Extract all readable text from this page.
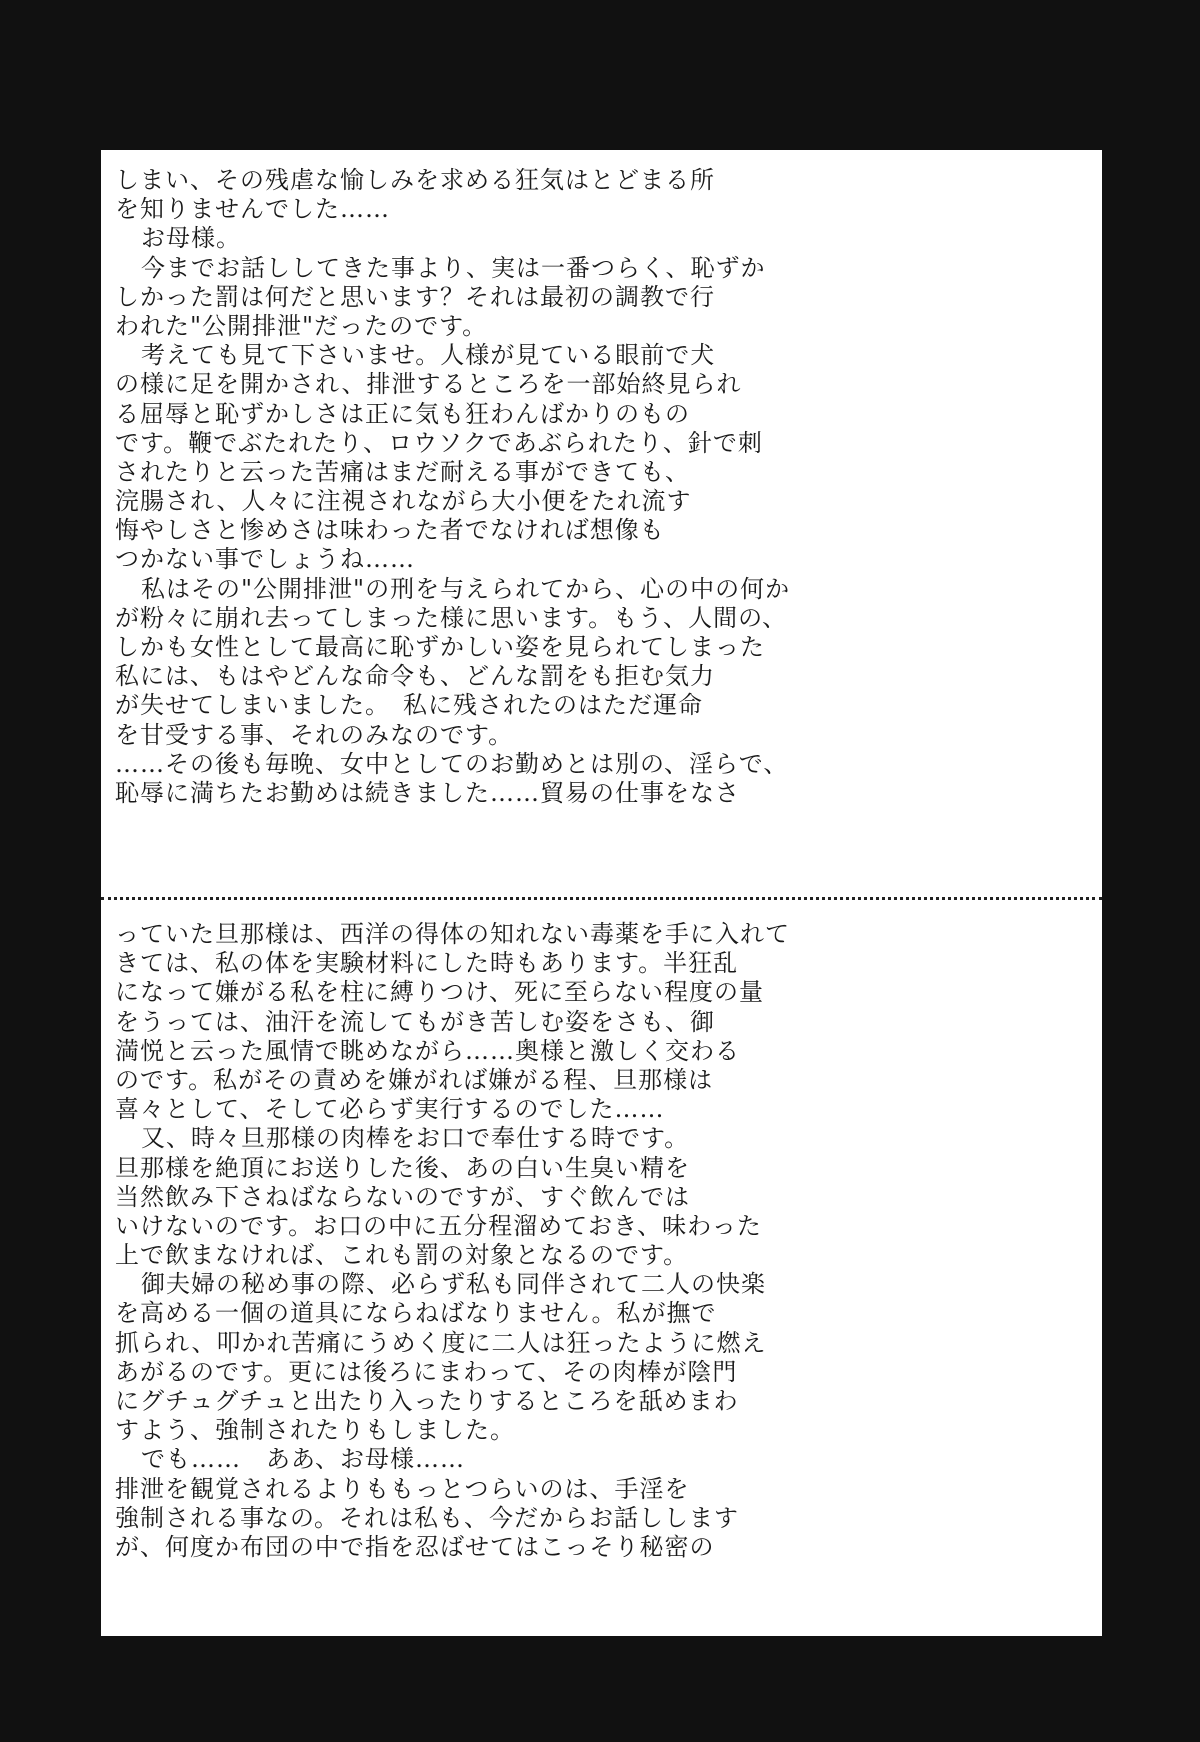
しまい、その残虐な愉しみを求める狂気はとどまる所
を知りませんでした……
お母様。
今までお話ししてきた事より、実は一番つらく、恥ずか
しかった罰は何だと思います？それは最初の調教で行
われた"公開排泄"だったのです。
考えても見て下さいませ。人様が見ている眼前で犬
の様に足を開かされ、排泄するところを一部始終見られ
る屈辱と恥ずかしさは正に気も狂わんばかりのもの
です。鞭でぶたれたり、ロウソクであぶられたり、針で刺
されたりと云った苦痛はまだ耐える事ができても、
浣腸され、人々に注視されながら大小便をたれ流す
悔やしさと惨めさは味わった者でなければ想像も
つかない事でしょうね……
私はその"公開排泄"の刑を与えられてから、心の中の何か
が粉々に崩れ去ってしまった様に思います。もう、人間の、
しかも女性として最高に恥ずかしい姿を見られてしまった
私には、もはやどんな命令も、どんな罰をも拒む気力
が失せてしまいました。　私に残されたのはただ運命
を甘受する事、それのみなのです。
……その後も毎晩、女中としてのお勤めとは別の、淫らで、
恥辱に満ちたお勤めは続きました……貿易の仕事をなさ
っていた旦那様は、西洋の得体の知れない毒薬を手に入れて
きては、私の体を実験材料にした時もあります。半狂乱
になって嫌がる私を柱に縛りつけ、死に至らない程度の量
をうっては、油汗を流してもがき苦しむ姿をさも、御
満悦と云った風情で眺めながら……奥様と激しく交わる
のです。私がその責めを嫌がれば嫌がる程、旦那様は
喜々として、そして必らず実行するのでした……
又、時々旦那様の肉棒をお口で奉仕する時です。
旦那様を絶頂にお送りした後、あの白い生臭い精を
当然飲み下さねばならないのですが、すぐ飲んでは
いけないのです。お口の中に五分程溜めておき、味わった
上で飲まなければ、これも罰の対象となるのです。
御夫婦の秘め事の際、必らず私も同伴されて二人の快楽
を高める一個の道具にならねばなりません。私が撫で
抓られ、叩かれ苦痛にうめく度に二人は狂ったように燃え
あがるのです。更には後ろにまわって、その肉棒が陰門
にグチュグチュと出たり入ったりするところを舐めまわ
すよう、強制されたりもしました。
でも……　ああ、お母様……
排泄を観覚されるよりももっとつらいのは、手淫を
強制される事なの。それは私も、今だからお話しします
が、何度か布団の中で指を忍ばせてはこっそり秘密の
